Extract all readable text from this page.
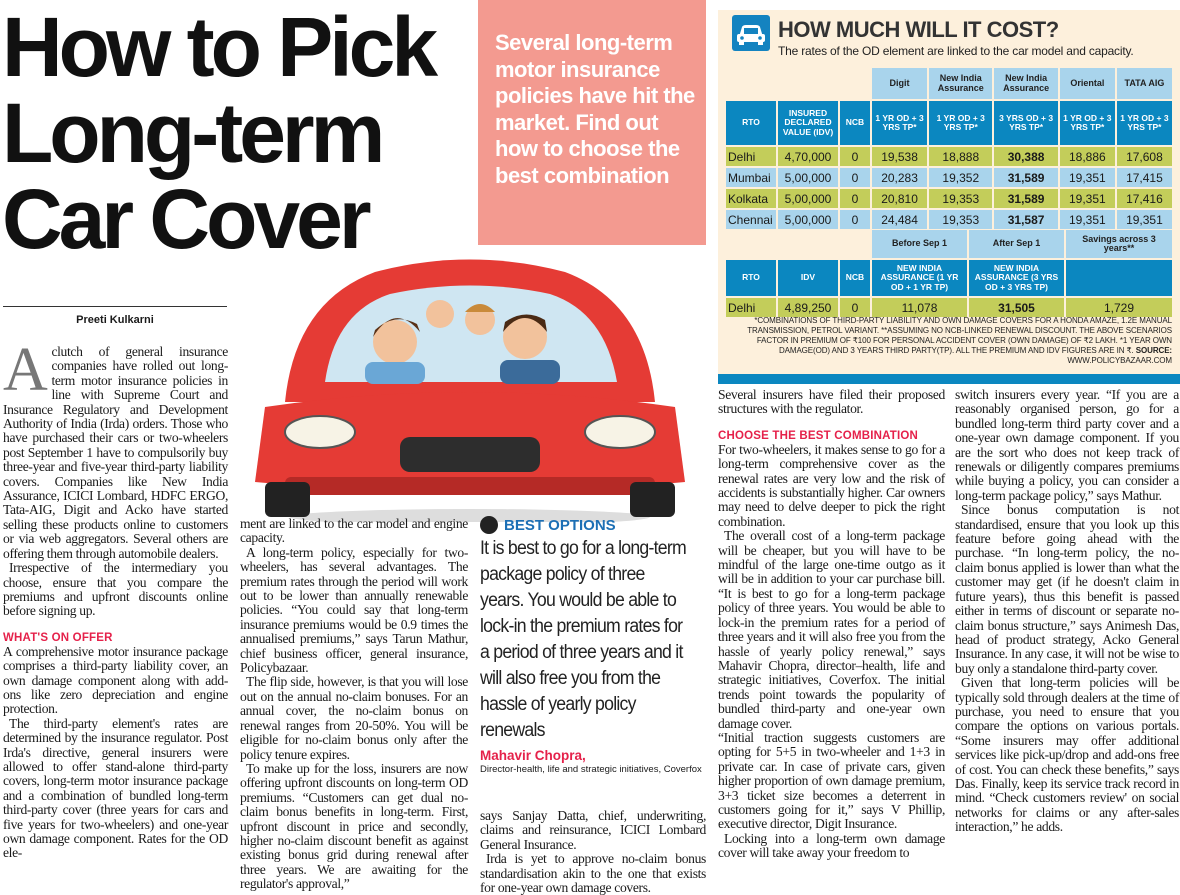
How to Pick Long-term Car Cover

Several long-term motor insurance policies have hit the market. Find out how to choose the best combination

Preeti Kulkarni

Aclutch of general insurance companies have rolled out long-term motor insurance policies in line with Supreme Court and Insurance Regulatory and Development Authority of India (Irda) orders. Those who have purchased their cars or two-wheelers post September 1 have to compulsorily buy three-year and five-year third-party liability covers. Companies like New India Assurance, ICICI Lombard, HDFC ERGO, Tata-AIG, Digit and Acko have started selling these products online to customers or via web aggregators. Several others are offering them through automobile dealers.

Irrespective of the intermediary you choose, ensure that you compare the premiums and upfront discounts online before signing up.

WHAT'S ON OFFER

A comprehensive motor insurance package comprises a third-party liability cover, an own damage component along with add-ons like zero depreciation and engine protection.

The third-party element's rates are determined by the insurance regulator. Post Irda's directive, general insurers were allowed to offer stand-alone third-party covers, long-term motor insurance package and a combination of bundled long-term third-party cover (three years for cars and five years for two-wheelers) and one-year own damage component. Rates for the OD ele-

ment are linked to the car model and engine capacity.

A long-term policy, especially for two-wheelers, has several advantages. The premium rates through the period will work out to be lower than annually renewable policies. “You could say that long-term insurance premiums would be 0.9 times the annualised premiums,” says Tarun Mathur, chief business officer, general insurance, Policybazaar.

The flip side, however, is that you will lose out on the annual no-claim bonuses. For an annual cover, the no-claim bonus on renewal ranges from 20-50%. You will be eligible for no-claim bonus only after the policy tenure expires.

To make up for the loss, insurers are now offering upfront discounts on long-term OD premiums. “Customers can get dual no-claim bonus benefits in long-term. First, upfront discount in price and secondly, higher no-claim discount benefit as against existing bonus grid during renewal after three years. We are awaiting for the regulator's approval,”

BEST OPTIONS
It is best to go for a long-term package policy of three years. You would be able to lock-in the premium rates for a period of three years and it will also free you from the hassle of yearly policy renewals
Mahavir Chopra,
Director-health, life and strategic initiatives, Coverfox

says Sanjay Datta, chief, underwriting, claims and reinsurance, ICICI Lombard General Insurance.

Irda is yet to approve no-claim bonus standardisation akin to the one that exists for one-year own damage covers.

Several insurers have filed their proposed structures with the regulator.

CHOOSE THE BEST COMBINATION

For two-wheelers, it makes sense to go for a long-term comprehensive cover as the renewal rates are very low and the risk of accidents is substantially higher. Car owners may need to delve deeper to pick the right combination.

The overall cost of a long-term package will be cheaper, but you will have to be mindful of the large one-time outgo as it will be in addition to your car purchase bill. “It is best to go for a long-term package policy of three years. You would be able to lock-in the premium rates for a period of three years and it will also free you from the hassle of yearly policy renewal,” says Mahavir Chopra, director–health, life and strategic initiatives, Coverfox. The initial trends point towards the popularity of bundled third-party and one-year own damage cover.

“Initial traction suggests customers are opting for 5+5 in two-wheeler and 1+3 in private car. In case of private cars, given higher proportion of own damage premium, 3+3 ticket size becomes a deterrent in customers going for it,” says V Phillip, executive director, Digit Insurance.

Locking into a long-term own damage cover will take away your freedom to

switch insurers every year. “If you are a reasonably organised person, go for a bundled long-term third party cover and a one-year own damage component. If you are the sort who does not keep track of renewals or diligently compares premiums while buying a policy, you can consider a long-term package policy,” says Mathur.

Since bonus computation is not standardised, ensure that you look up this feature before going ahead with the purchase. “In long-term policy, the no-claim bonus applied is lower than what the customer may get (if he doesn't claim in future years), thus this benefit is passed either in terms of discount or separate no-claim bonus structure,” says Animesh Das, head of product strategy, Acko General Insurance. In any case, it will not be wise to buy only a standalone third-party cover.

Given that long-term policies will be typically sold through dealers at the time of purchase, you need to ensure that you compare the options on various portals. “Some insurers may offer additional services like pick-up/drop and add-ons free of cost. You can check these benefits,” says Das. Finally, keep its service track record in mind. “Check customers review' on social networks for claims or any after-sales interaction,” he adds.

HOW MUCH WILL IT COST?
The rates of the OD element are linked to the car model and capacity.
			Digit	New India Assurance	New India Assurance	Oriental	TATA AIG
RTO	INSURED DECLARED VALUE (IDV)	NCB	1 YR OD + 3 YRS TP*	1 YR OD + 3 YRS TP*	3 YRS OD + 3 YRS TP*	1 YR OD + 3 YRS TP*	1 YR OD + 3 YRS TP*
Delhi	4,70,000	0	19,538	18,888	30,388	18,886	17,608
Mumbai	5,00,000	0	20,283	19,352	31,589	19,351	17,415
Kolkata	5,00,000	0	20,810	19,353	31,589	19,351	17,416
Chennai	5,00,000	0	24,484	19,353	31,587	19,351	19,351
			Before Sep 1	After Sep 1	Savings across 3 years**
RTO	IDV	NCB	NEW INDIA ASSURANCE (1 YR OD + 1 YR TP)	NEW INDIA ASSURANCE (3 YRS OD + 3 YRS TP)	
Delhi	4,89,250	0	11,078	31,505	1,729
*COMBINATIONS OF THIRD-PARTY LIABILITY AND OWN DAMAGE COVERS FOR A HONDA AMAZE, 1.2E MANUAL TRANSMISSION, PETROL VARIANT. **ASSUMING NO NCB-LINKED RENEWAL DISCOUNT. THE ABOVE SCENARIOS FACTOR IN PREMIUM OF ₹100 FOR PERSONAL ACCIDENT COVER (OWN DAMAGE) OF ₹2 LAKH. *1 YEAR OWN DAMAGE(OD) AND 3 YEARS THIRD PARTY(TP). ALL THE PREMIUM AND IDV FIGURES ARE IN ₹. SOURCE: WWW.POLICYBAZAAR.COM
